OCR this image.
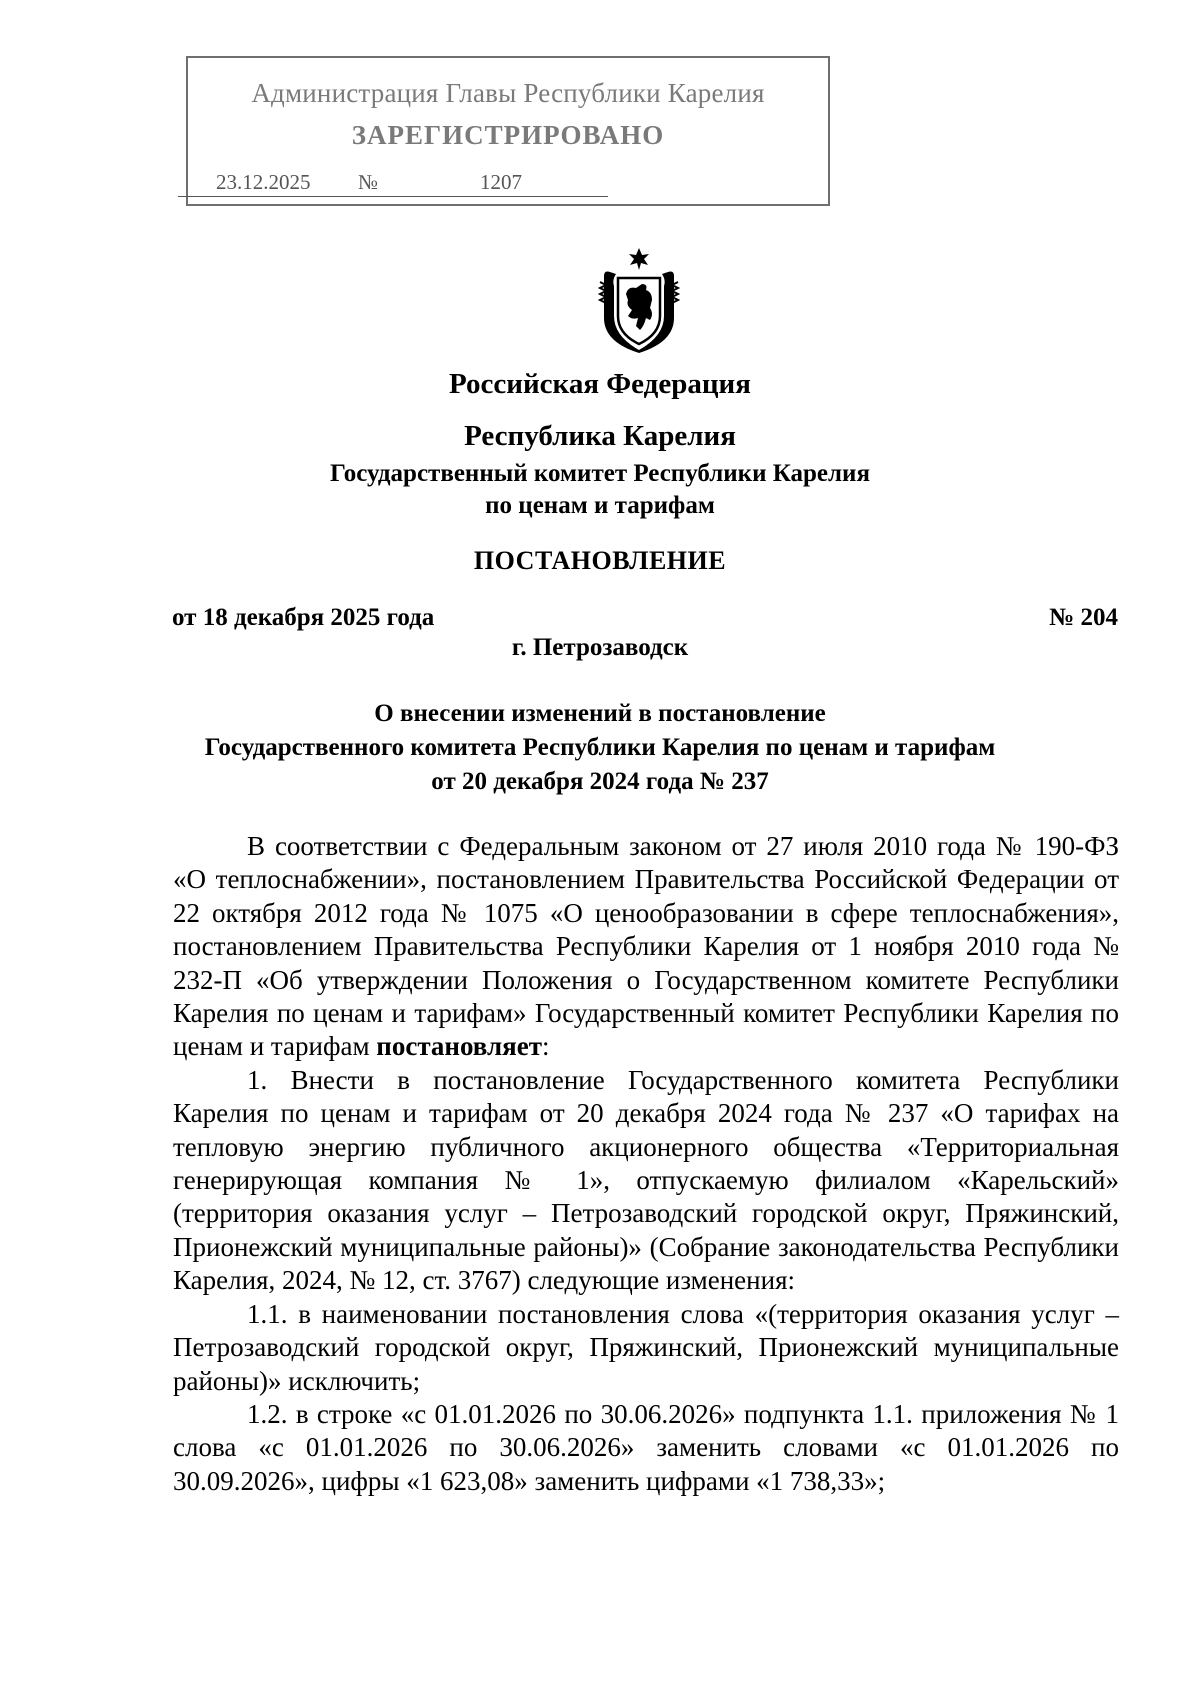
Администрация Главы Республики Карелия
ЗАРЕГИСТРИРОВАНО
23.12.2025 №	1207
Российская Федерация
Республика Карелия
Государственный комитет Республики Карелия
по ценам и тарифам
ПОСТАНОВЛЕНИЕ
от 18 декабря 2025 года	№ 204
г. Петрозаводск
О внесении изменений в постановление
Государственного комитета Республики Карелия по ценам и тарифам
от 20 декабря 2024 года № 237

В соответствии с Федеральным законом от 27 июля 2010 года № 190-ФЗ «О теплоснабжении», постановлением Правительства Российской Федерации от 22 октября 2012 года № 1075 «О ценообразовании в сфере теплоснабжения», постановлением Правительства Республики Карелия от 1 ноября 2010 года № 232-П «Об утверждении Положения о Государственном комитете Республики Карелия по ценам и тарифам» Государственный комитет Республики Карелия по ценам и тарифам постановляет:

1. Внести в постановление Государственного комитета Республики Карелия по ценам и тарифам от 20 декабря 2024 года № 237 «О тарифах на тепловую энергию публичного акционерного общества «Территориальная генерирующая компания № 1», отпускаемую филиалом «Карельский» (территория оказания услуг – Петрозаводский городской округ, Пряжинский, Прионежский муниципальные районы)» (Собрание законодательства Республики Карелия, 2024, № 12, ст. 3767) следующие изменения:

1.1. в наименовании постановления слова «(территория оказания услуг – Петрозаводский городской округ, Пряжинский, Прионежский муниципальные районы)» исключить;

1.2. в строке «с 01.01.2026 по 30.06.2026» подпункта 1.1. приложения № 1 слова «с 01.01.2026 по 30.06.2026» заменить словами «с 01.01.2026 по 30.09.2026», цифры «1 623,08» заменить цифрами «1 738,33»;
